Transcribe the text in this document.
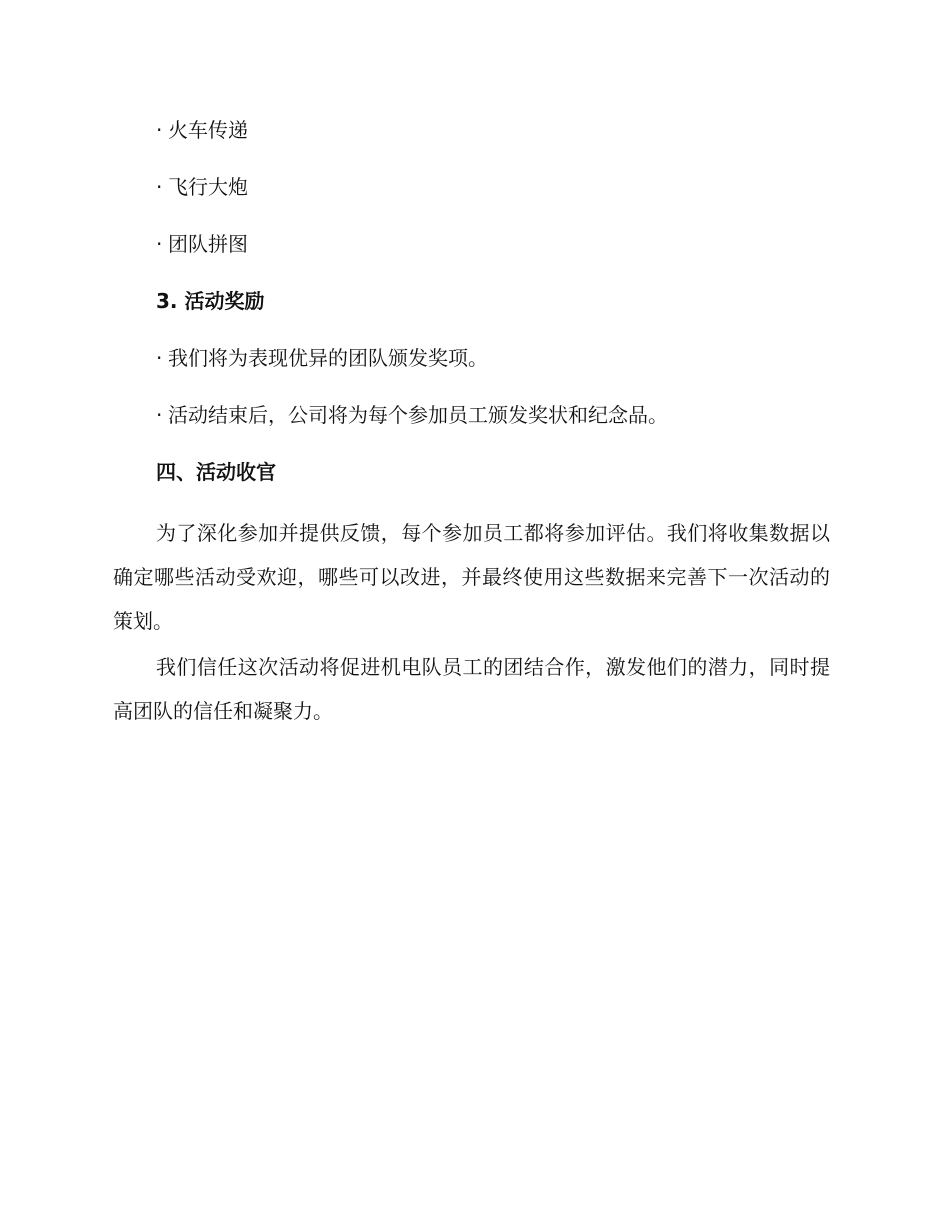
· 火车传递

· 飞行大炮

· 团队拼图

3. 活动奖励

· 我们将为表现优异的团队颁发奖项。

· 活动结束后，公司将为每个参加员工颁发奖状和纪念品。

四、活动收官

为了深化参加并提供反馈，每个参加员工都将参加评估。我们将收集数据以确定哪些活动受欢迎，哪些可以改进，并最终使用这些数据来完善下一次活动的策划。

我们信任这次活动将促进机电队员工的团结合作，激发他们的潜力，同时提高团队的信任和凝聚力。
